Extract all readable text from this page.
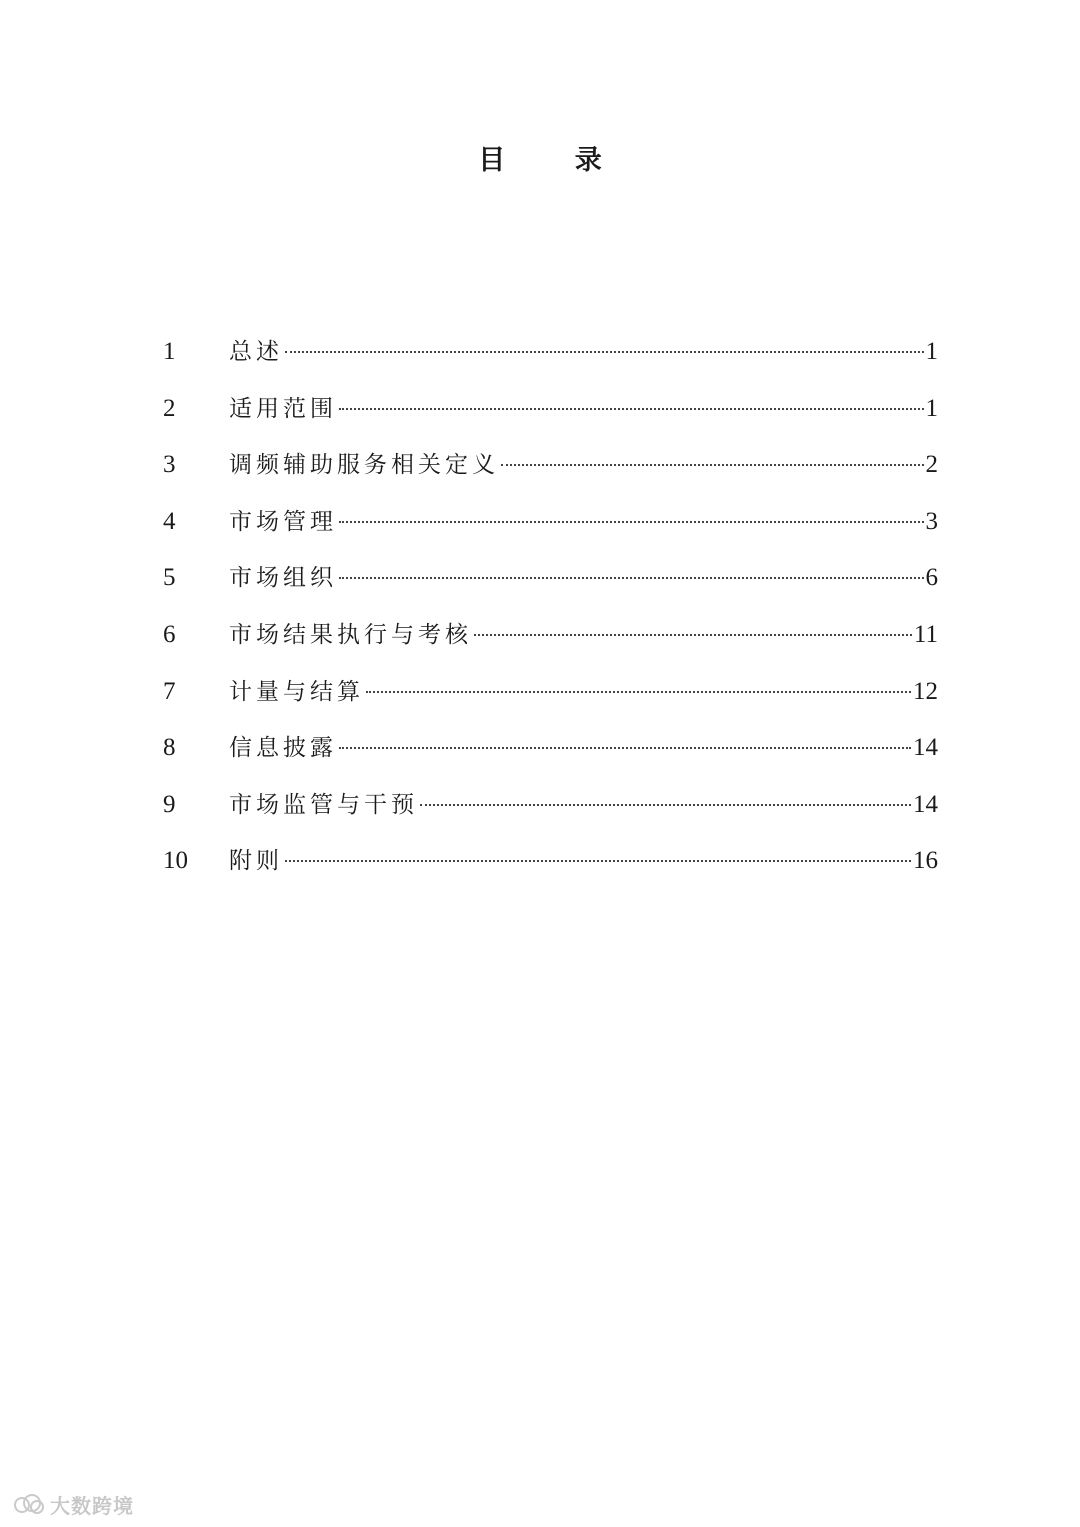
目 录
1	总述	1
2	适用范围	1
3	调频辅助服务相关定义	2
4	市场管理	3
5	市场组织	6
6	市场结果执行与考核	11
7	计量与结算	12
8	信息披露	14
9	市场监管与干预	14
10	附则	16
大数跨境
